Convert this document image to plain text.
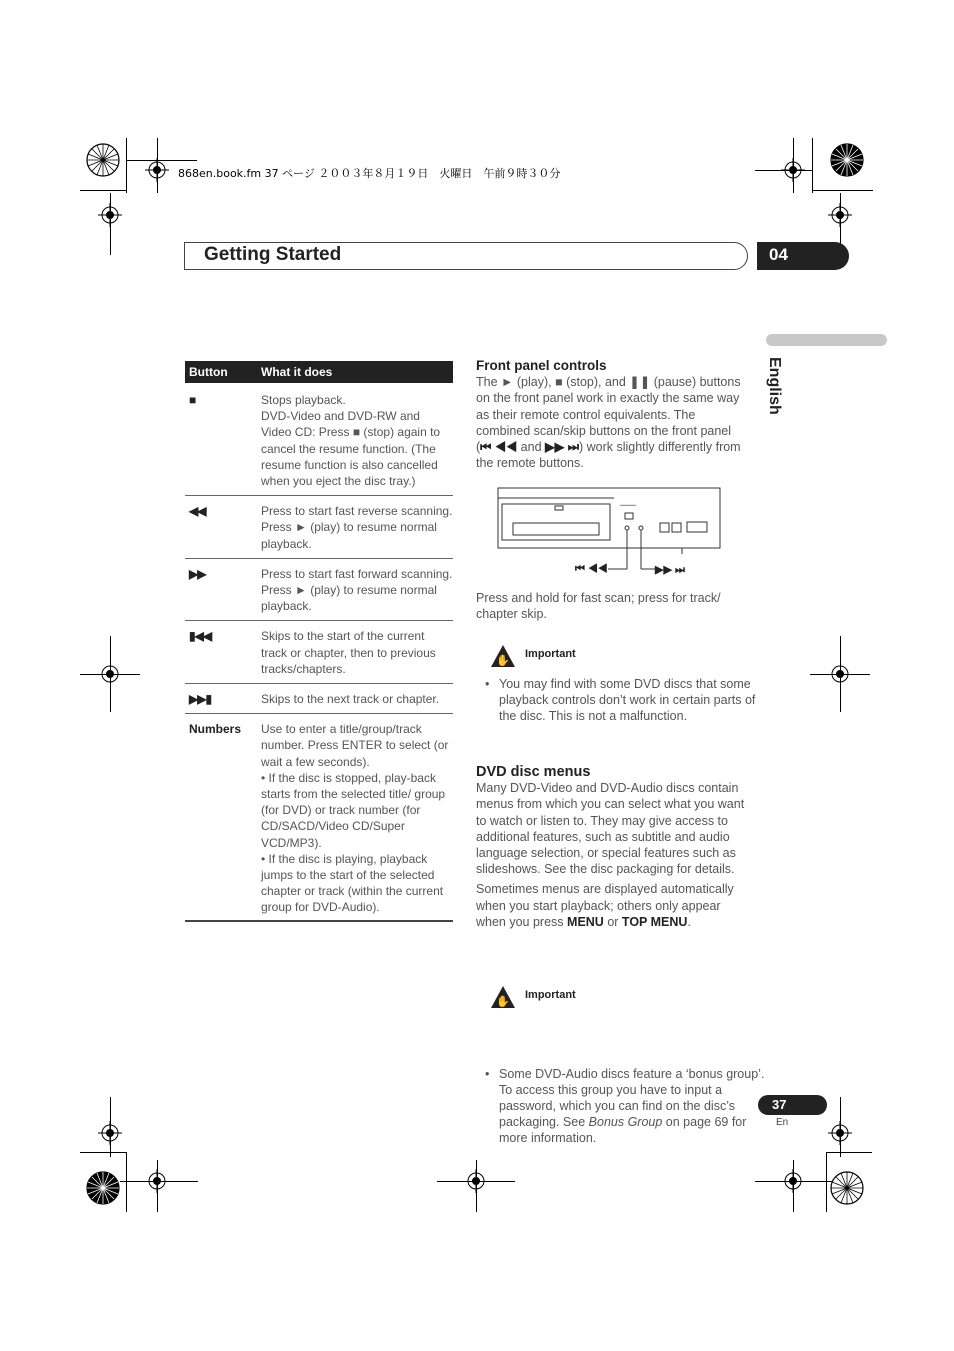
868en.book.fm 37 ページ ２００３年８月１９日　火曜日　午前９時３０分
Getting Started	04
English
Button	What it does
■	Stops playback.
DVD-Video and DVD-RW and Video CD: Press ■ (stop) again to cancel the resume function. (The resume function is also cancelled when you eject the disc tray.)
◀◀	Press to start fast reverse scanning. Press ► (play) to resume normal playback.
▶▶	Press to start fast forward scanning. Press ► (play) to resume normal playback.
▮◀◀	Skips to the start of the current track or chapter, then to previous tracks/chapters.
▶▶▮	Skips to the next track or chapter.
Numbers	Use to enter a title/group/track number. Press ENTER to select (or wait a few seconds).
• If the disc is stopped, play-back starts from the selected title/ group (for DVD) or track number (for CD/SACD/Video CD/Super VCD/MP3).
• If the disc is playing, playback jumps to the start of the selected chapter or track (within the current group for DVD-Audio).
Front panel controls
The ► (play), ■ (stop), and ❚❚ (pause) buttons on the front panel work in exactly the same way as their remote control equivalents. The combined scan/skip buttons on the front panel (⏮ ◀◀ and ▶▶ ⏭) work slightly differently from the remote buttons.
▬▬▬▬
⏮ ◀◀	▶▶ ⏭
Press and hold for fast scan; press for track/ chapter skip.
✋ Important
• You may find with some DVD discs that some playback controls don’t work in certain parts of the disc. This is not a malfunction.
DVD disc menus
Many DVD-Video and DVD-Audio discs contain menus from which you can select what you want to watch or listen to. They may give access to additional features, such as subtitle and audio language selection, or special features such as slideshows. See the disc packaging for details.
Sometimes menus are displayed automatically when you start playback; others only appear when you press MENU or TOP MENU.
✋ Important
• Some DVD-Audio discs feature a ‘bonus group’. To access this group you have to input a password, which you can find on the disc’s packaging. See Bonus Group on page 69 for more information.
37
En
